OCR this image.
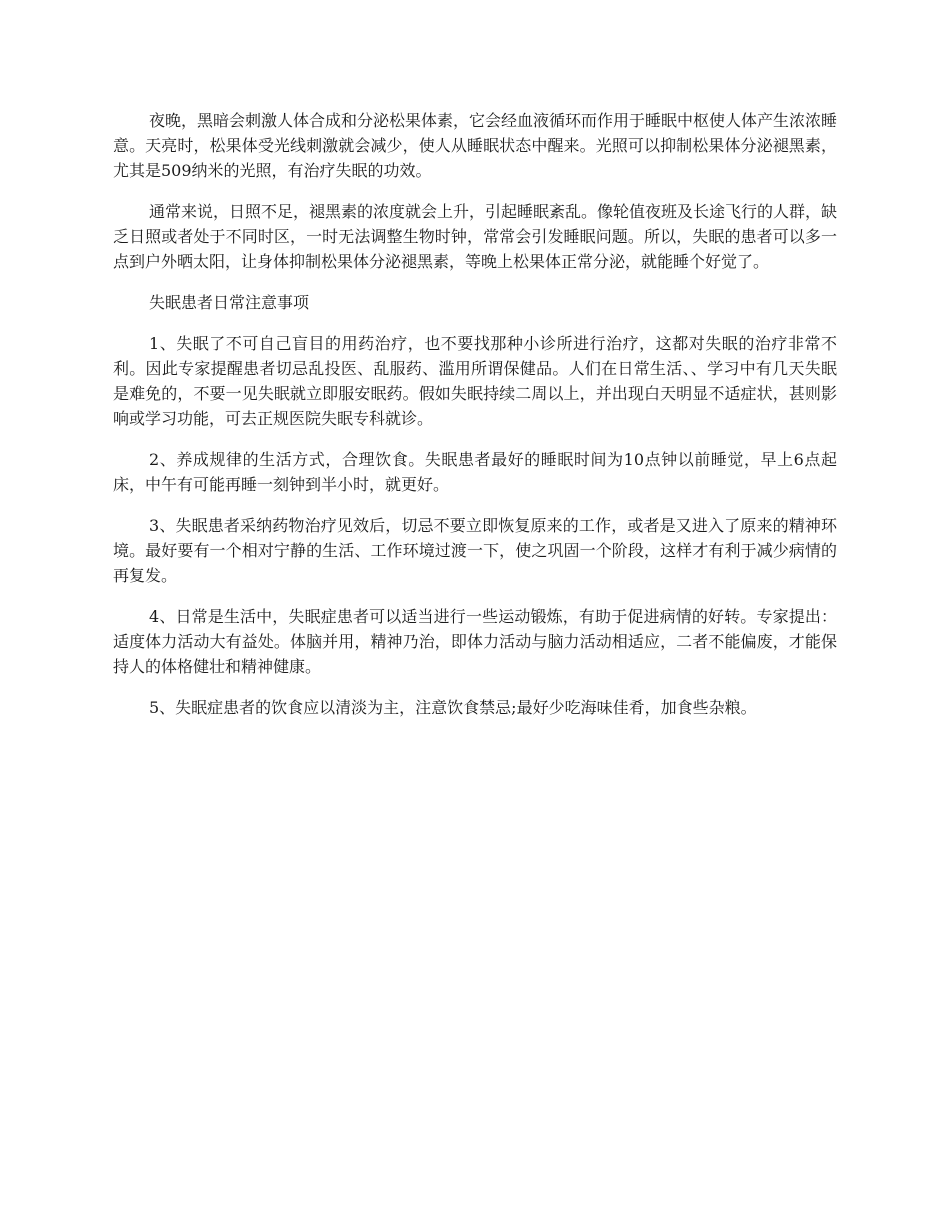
夜晚，黑暗会刺激人体合成和分泌松果体素，它会经血液循环而作用于睡眠中枢使人体产生浓浓睡意。天亮时，松果体受光线刺激就会减少，使人从睡眠状态中醒来。光照可以抑制松果体分泌褪黑素，尤其是509纳米的光照，有治疗失眠的功效。

通常来说，日照不足，褪黑素的浓度就会上升，引起睡眠紊乱。像轮值夜班及长途飞行的人群，缺乏日照或者处于不同时区，一时无法调整生物时钟，常常会引发睡眠问题。所以，失眠的患者可以多一点到户外晒太阳，让身体抑制松果体分泌褪黑素，等晚上松果体正常分泌，就能睡个好觉了。

失眠患者日常注意事项

1、失眠了不可自己盲目的用药治疗，也不要找那种小诊所进行治疗，这都对失眠的治疗非常不利。因此专家提醒患者切忌乱投医、乱服药、滥用所谓保健品。人们在日常生活、、学习中有几天失眠是难免的，不要一见失眠就立即服安眠药。假如失眠持续二周以上，并出现白天明显不适症状，甚则影响或学习功能，可去正规医院失眠专科就诊。

2、养成规律的生活方式，合理饮食。失眠患者最好的睡眠时间为10点钟以前睡觉，早上6点起床，中午有可能再睡一刻钟到半小时，就更好。

3、失眠患者采纳药物治疗见效后，切忌不要立即恢复原来的工作，或者是又进入了原来的精神环境。最好要有一个相对宁静的生活、工作环境过渡一下，使之巩固一个阶段，这样才有利于减少病情的再复发。

4、日常是生活中，失眠症患者可以适当进行一些运动锻炼，有助于促进病情的好转。专家提出：适度体力活动大有益处。体脑并用，精神乃治，即体力活动与脑力活动相适应，二者不能偏废，才能保持人的体格健壮和精神健康。

5、失眠症患者的饮食应以清淡为主，注意饮食禁忌;最好少吃海味佳肴，加食些杂粮。
